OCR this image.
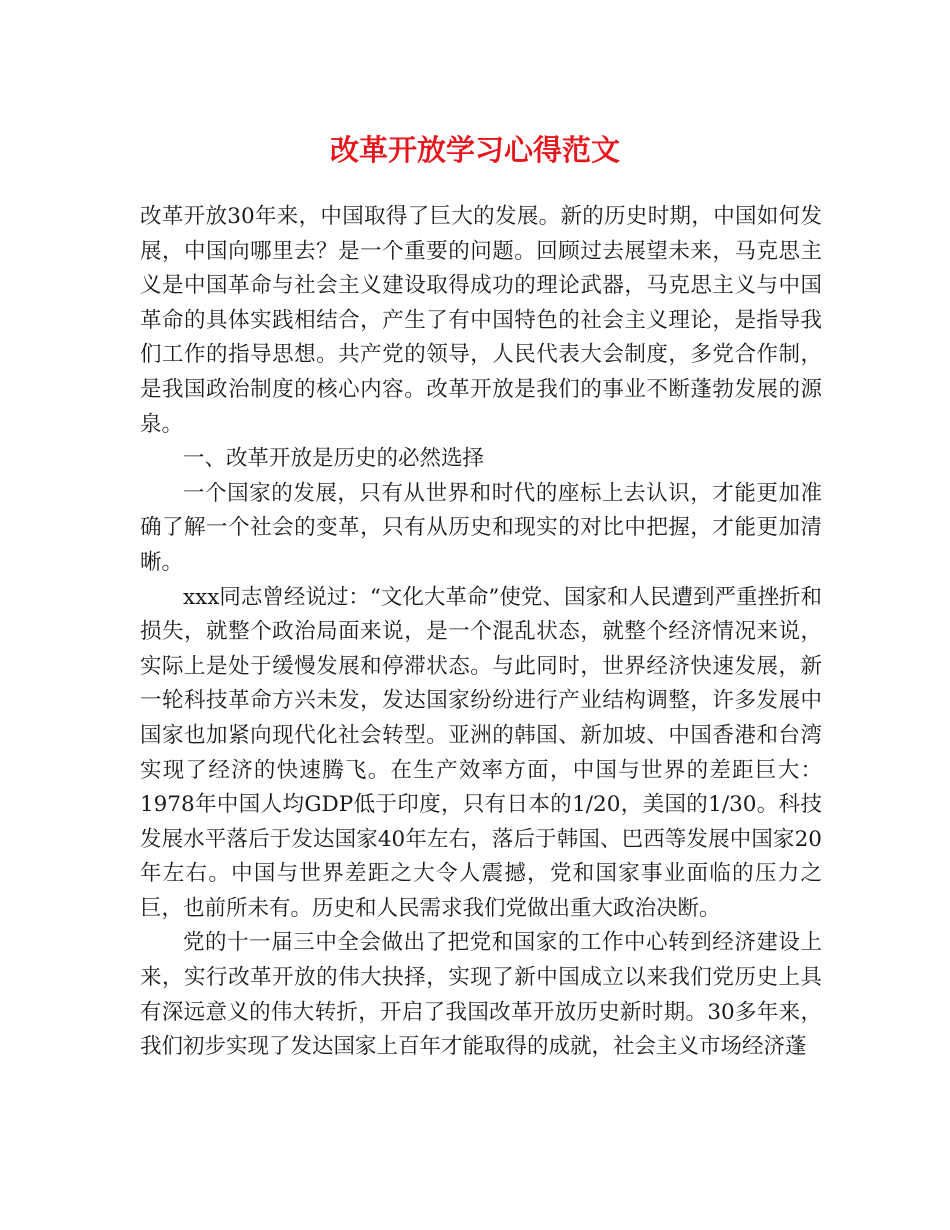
改革开放学习心得范文

改革开放30年来，中国取得了巨大的发展。新的历史时期，中国如何发展，中国向哪里去？是一个重要的问题。回顾过去展望未来，马克思主义是中国革命与社会主义建设取得成功的理论武器，马克思主义与中国革命的具体实践相结合，产生了有中国特色的社会主义理论，是指导我们工作的指导思想。共产党的领导，人民代表大会制度，多党合作制，是我国政治制度的核心内容。改革开放是我们的事业不断蓬勃发展的源泉。

一、改革开放是历史的必然选择

一个国家的发展，只有从世界和时代的座标上去认识，才能更加准确了解一个社会的变革，只有从历史和现实的对比中把握，才能更加清晰。

xxx同志曾经说过：“文化大革命”使党、国家和人民遭到严重挫折和损失，就整个政治局面来说，是一个混乱状态，就整个经济情况来说，实际上是处于缓慢发展和停滞状态。与此同时，世界经济快速发展，新一轮科技革命方兴未发，发达国家纷纷进行产业结构调整，许多发展中国家也加紧向现代化社会转型。亚洲的韩国、新加坡、中国香港和台湾实现了经济的快速腾飞。在生产效率方面，中国与世界的差距巨大：1978年中国人均GDP低于印度，只有日本的1/20，美国的1/30。科技发展水平落后于发达国家40年左右，落后于韩国、巴西等发展中国家20年左右。中国与世界差距之大令人震撼，党和国家事业面临的压力之巨，也前所未有。历史和人民需求我们党做出重大政治决断。

党的十一届三中全会做出了把党和国家的工作中心转到经济建设上来，实行改革开放的伟大抉择，实现了新中国成立以来我们党历史上具有深远意义的伟大转折，开启了我国改革开放历史新时期。30多年来，我们初步实现了发达国家上百年才能取得的成就，社会主义市场经济蓬
